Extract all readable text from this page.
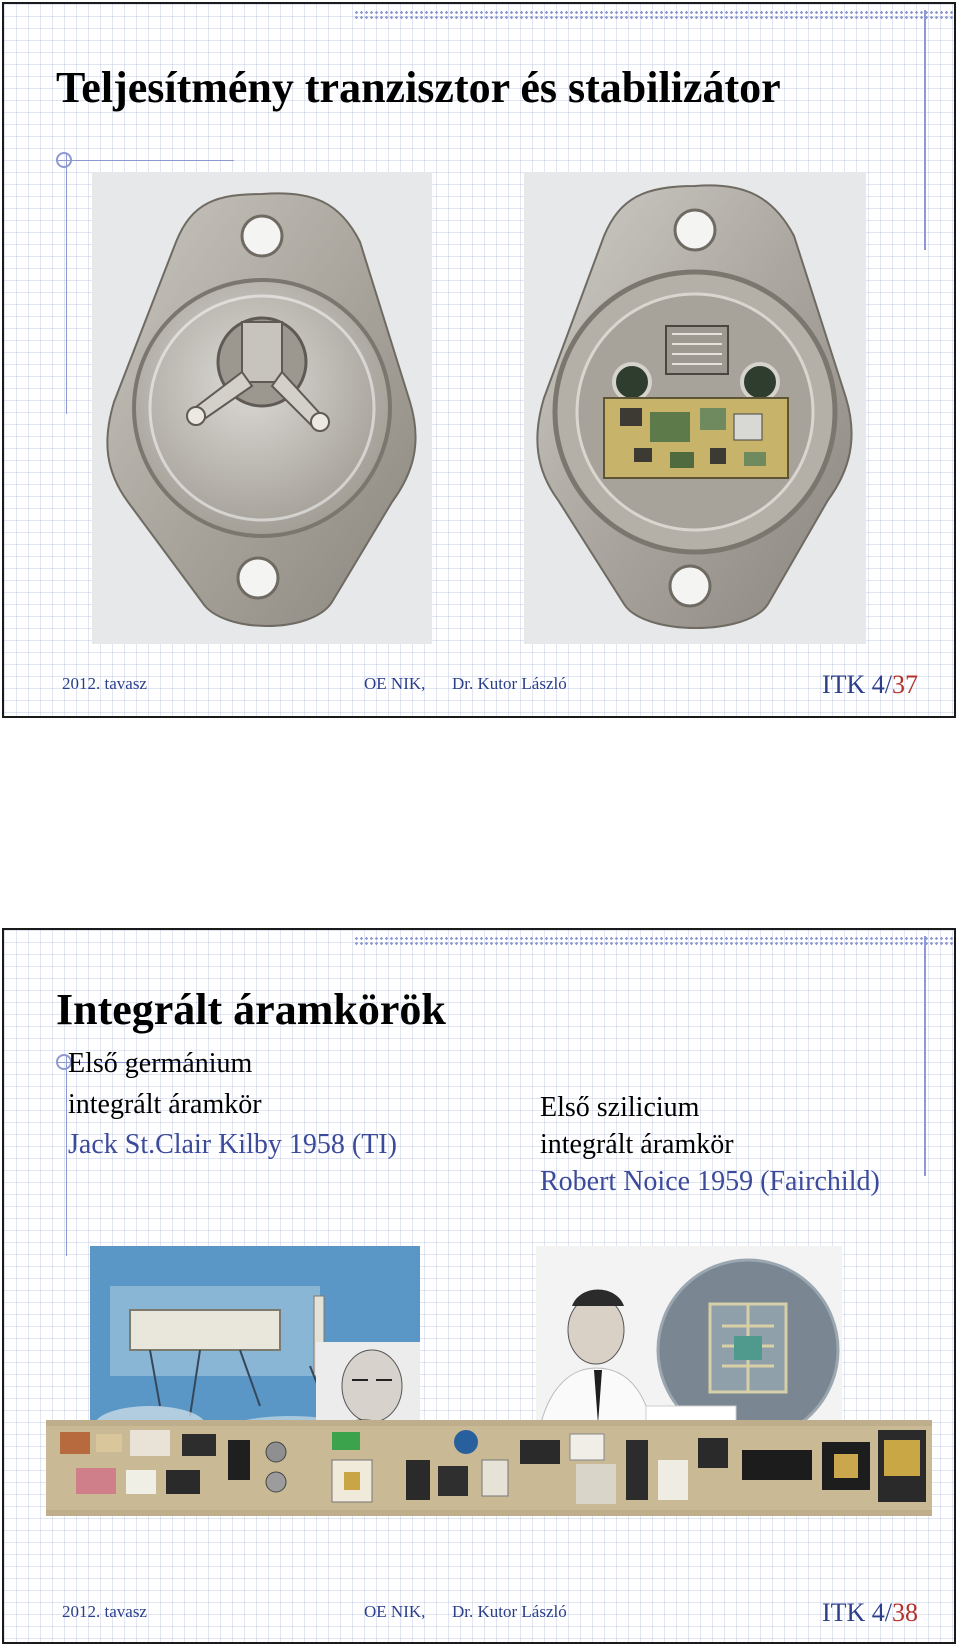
Teljesítmény tranzisztor és stabilizátor
2012. tavasz	OE NIK, Dr. Kutor László	ITK 4/37
Integrált áramkörök
Első germánium
integrált áramkör
Jack St.Clair Kilby 1958 (TI)
Első szilicium
integrált áramkör
Robert Noice 1959 (Fairchild)
2012. tavasz	OE NIK, Dr. Kutor László	ITK 4/38
